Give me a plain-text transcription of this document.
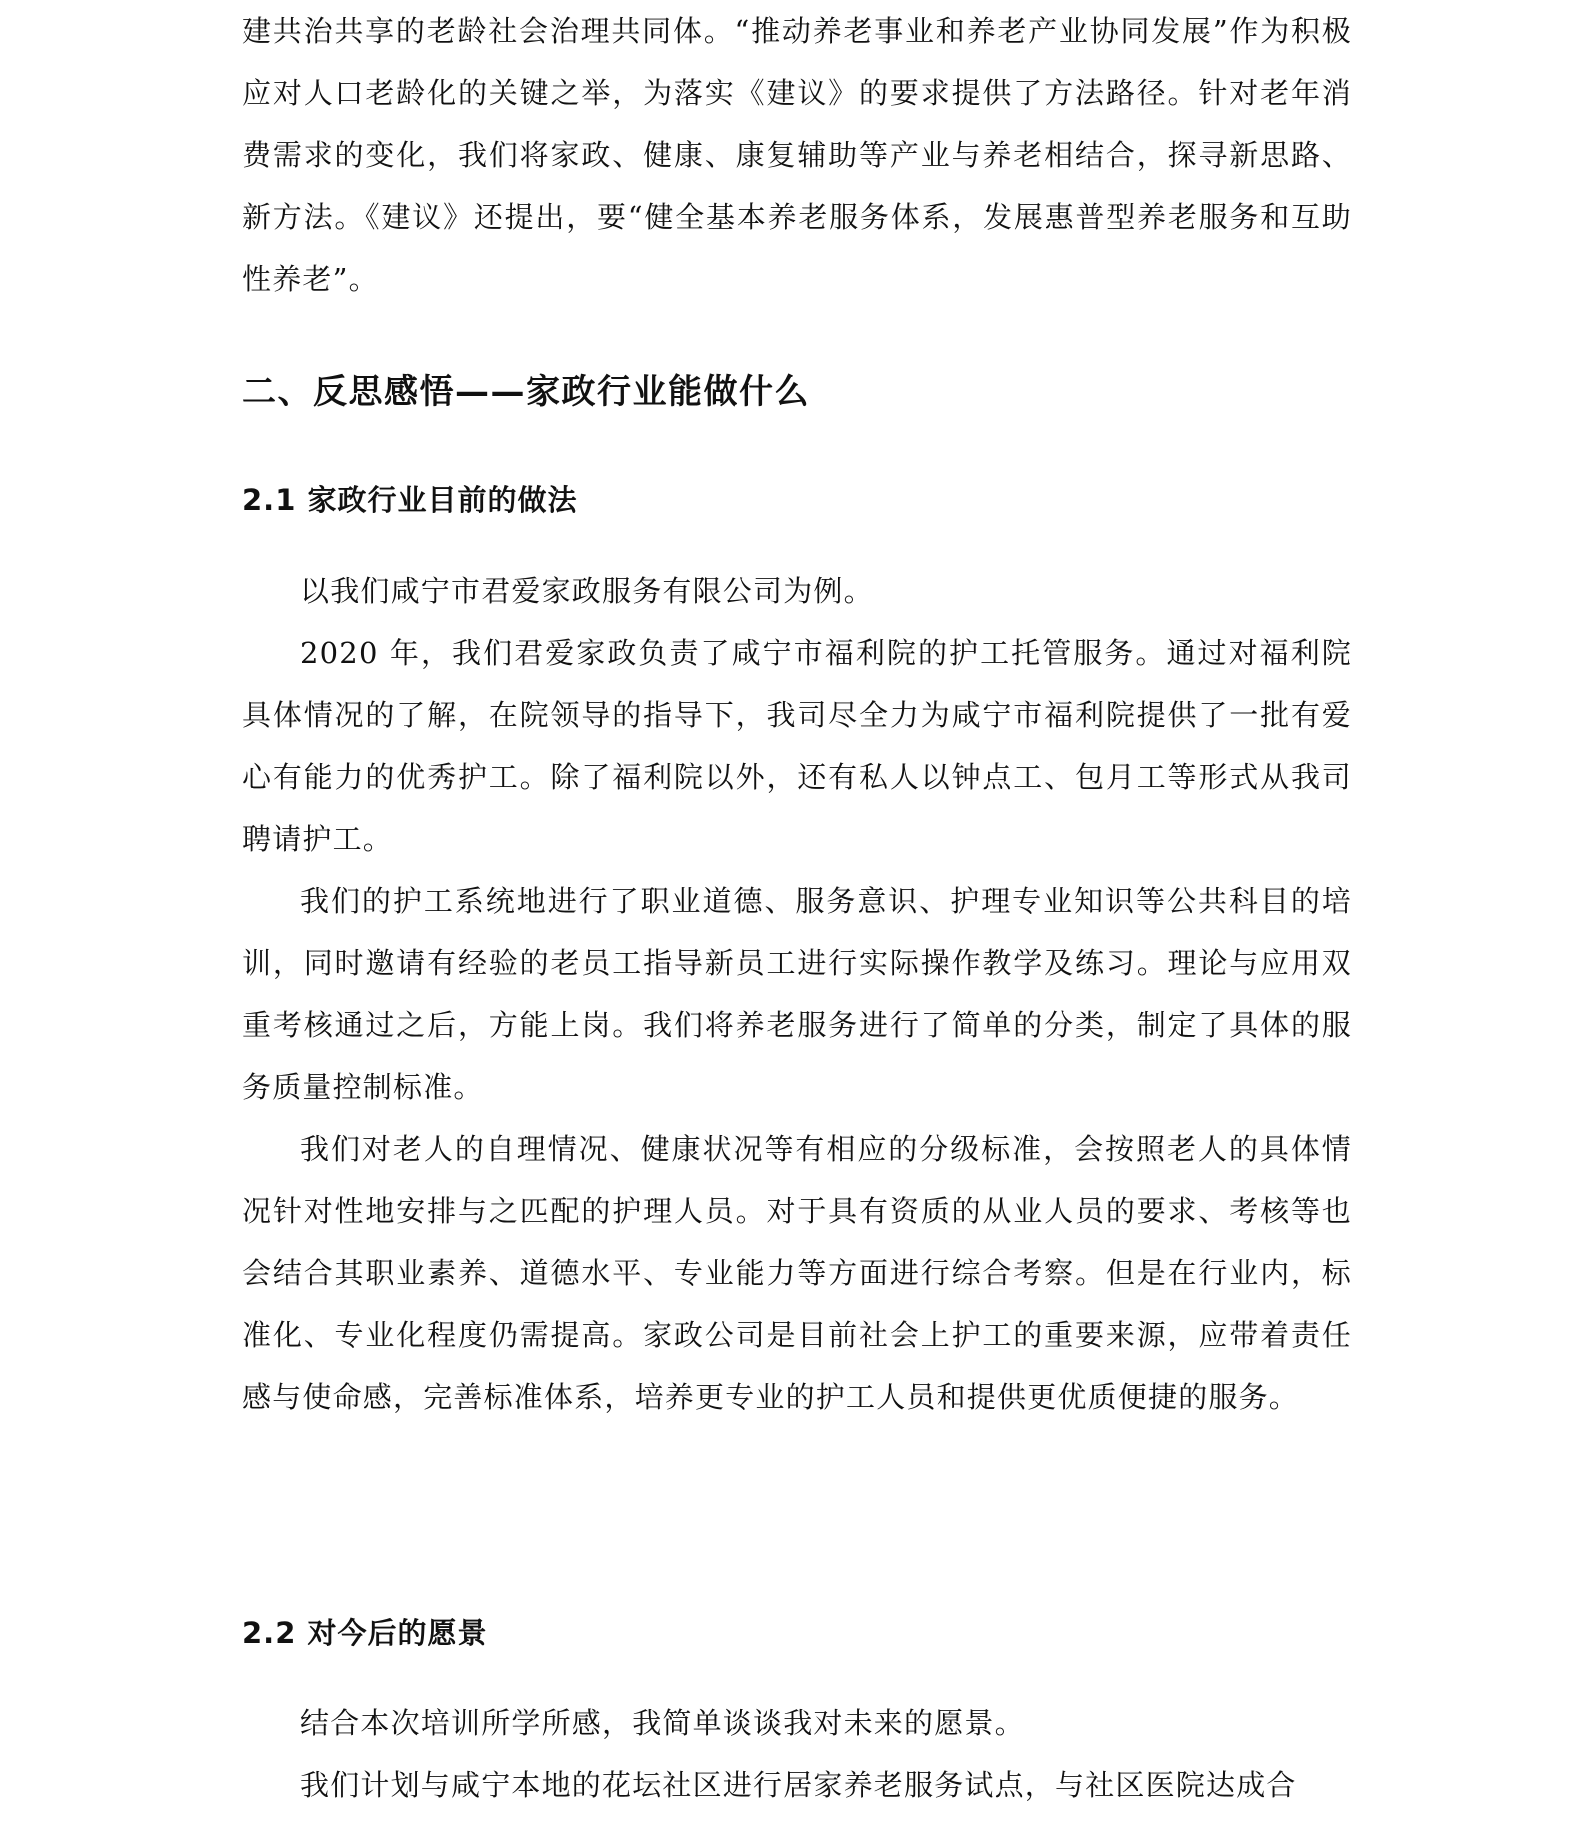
建共治共享的老龄社会治理共同体。“推动养老事业和养老产业协同发展”作为积极应对人口老龄化的关键之举，为落实《建议》的要求提供了方法路径。针对老年消费需求的变化，我们将家政、健康、康复辅助等产业与养老相结合，探寻新思路、新方法。《建议》还提出，要“健全基本养老服务体系，发展惠普型养老服务和互助性养老”。

二、反思感悟——家政行业能做什么
2.1 家政行业目前的做法

以我们咸宁市君爱家政服务有限公司为例。

2020 年，我们君爱家政负责了咸宁市福利院的护工托管服务。通过对福利院具体情况的了解，在院领导的指导下，我司尽全力为咸宁市福利院提供了一批有爱心有能力的优秀护工。除了福利院以外，还有私人以钟点工、包月工等形式从我司聘请护工。

我们的护工系统地进行了职业道德、服务意识、护理专业知识等公共科目的培训，同时邀请有经验的老员工指导新员工进行实际操作教学及练习。理论与应用双重考核通过之后，方能上岗。我们将养老服务进行了简单的分类，制定了具体的服务质量控制标准。

我们对老人的自理情况、健康状况等有相应的分级标准，会按照老人的具体情况针对性地安排与之匹配的护理人员。对于具有资质的从业人员的要求、考核等也会结合其职业素养、道德水平、专业能力等方面进行综合考察。但是在行业内，标准化、专业化程度仍需提高。家政公司是目前社会上护工的重要来源，应带着责任感与使命感，完善标准体系，培养更专业的护工人员和提供更优质便捷的服务。

2.2 对今后的愿景

结合本次培训所学所感，我简单谈谈我对未来的愿景。

我们计划与咸宁本地的花坛社区进行居家养老服务试点，与社区医院达成合
